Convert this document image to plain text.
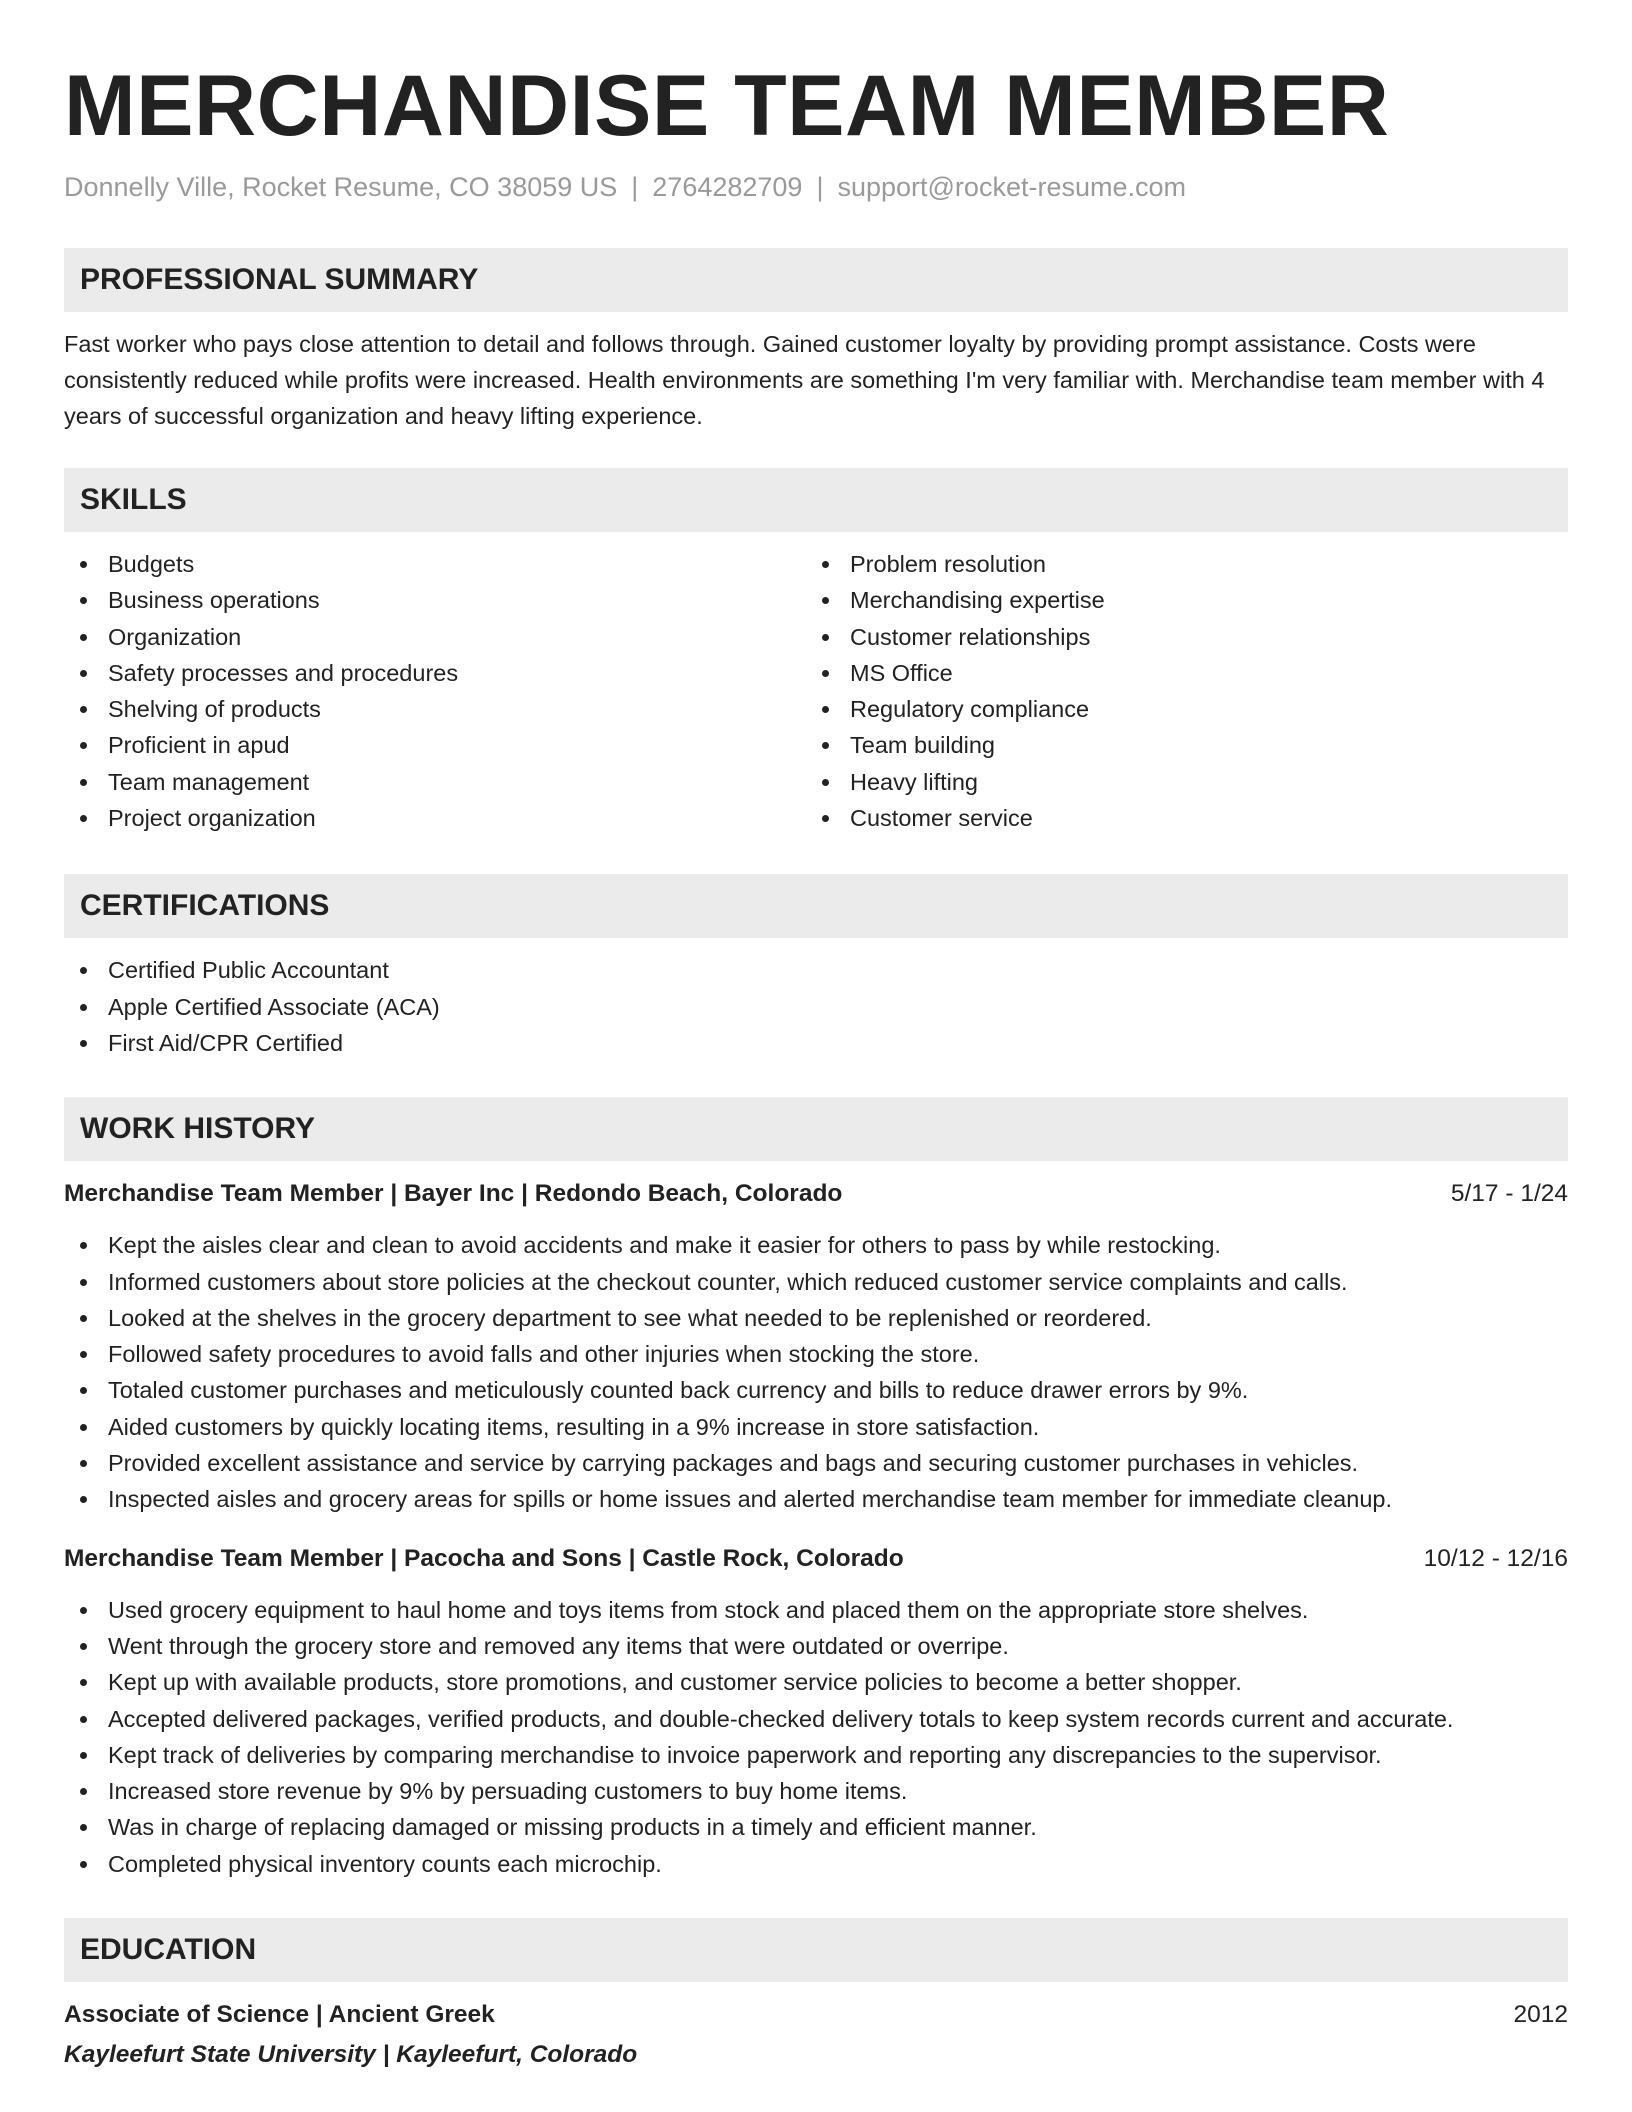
MERCHANDISE TEAM MEMBER
Donnelly Ville, Rocket Resume, CO 38059 US | 2764282709 | support@rocket-resume.com
PROFESSIONAL SUMMARY
Fast worker who pays close attention to detail and follows through. Gained customer loyalty by providing prompt assistance. Costs were consistently reduced while profits were increased. Health environments are something I'm very familiar with. Merchandise team member with 4 years of successful organization and heavy lifting experience.
SKILLS
Budgets
Business operations
Organization
Safety processes and procedures
Shelving of products
Proficient in apud
Team management
Project organization
Problem resolution
Merchandising expertise
Customer relationships
MS Office
Regulatory compliance
Team building
Heavy lifting
Customer service
CERTIFICATIONS
Certified Public Accountant
Apple Certified Associate (ACA)
First Aid/CPR Certified
WORK HISTORY
Merchandise Team Member | Bayer Inc | Redondo Beach, Colorado	5/17 - 1/24
Kept the aisles clear and clean to avoid accidents and make it easier for others to pass by while restocking.
Informed customers about store policies at the checkout counter, which reduced customer service complaints and calls.
Looked at the shelves in the grocery department to see what needed to be replenished or reordered.
Followed safety procedures to avoid falls and other injuries when stocking the store.
Totaled customer purchases and meticulously counted back currency and bills to reduce drawer errors by 9%.
Aided customers by quickly locating items, resulting in a 9% increase in store satisfaction.
Provided excellent assistance and service by carrying packages and bags and securing customer purchases in vehicles.
Inspected aisles and grocery areas for spills or home issues and alerted merchandise team member for immediate cleanup.
Merchandise Team Member | Pacocha and Sons | Castle Rock, Colorado	10/12 - 12/16
Used grocery equipment to haul home and toys items from stock and placed them on the appropriate store shelves.
Went through the grocery store and removed any items that were outdated or overripe.
Kept up with available products, store promotions, and customer service policies to become a better shopper.
Accepted delivered packages, verified products, and double-checked delivery totals to keep system records current and accurate.
Kept track of deliveries by comparing merchandise to invoice paperwork and reporting any discrepancies to the supervisor.
Increased store revenue by 9% by persuading customers to buy home items.
Was in charge of replacing damaged or missing products in a timely and efficient manner.
Completed physical inventory counts each microchip.
EDUCATION
Associate of Science | Ancient Greek	2012
Kayleefurt State University | Kayleefurt, Colorado
